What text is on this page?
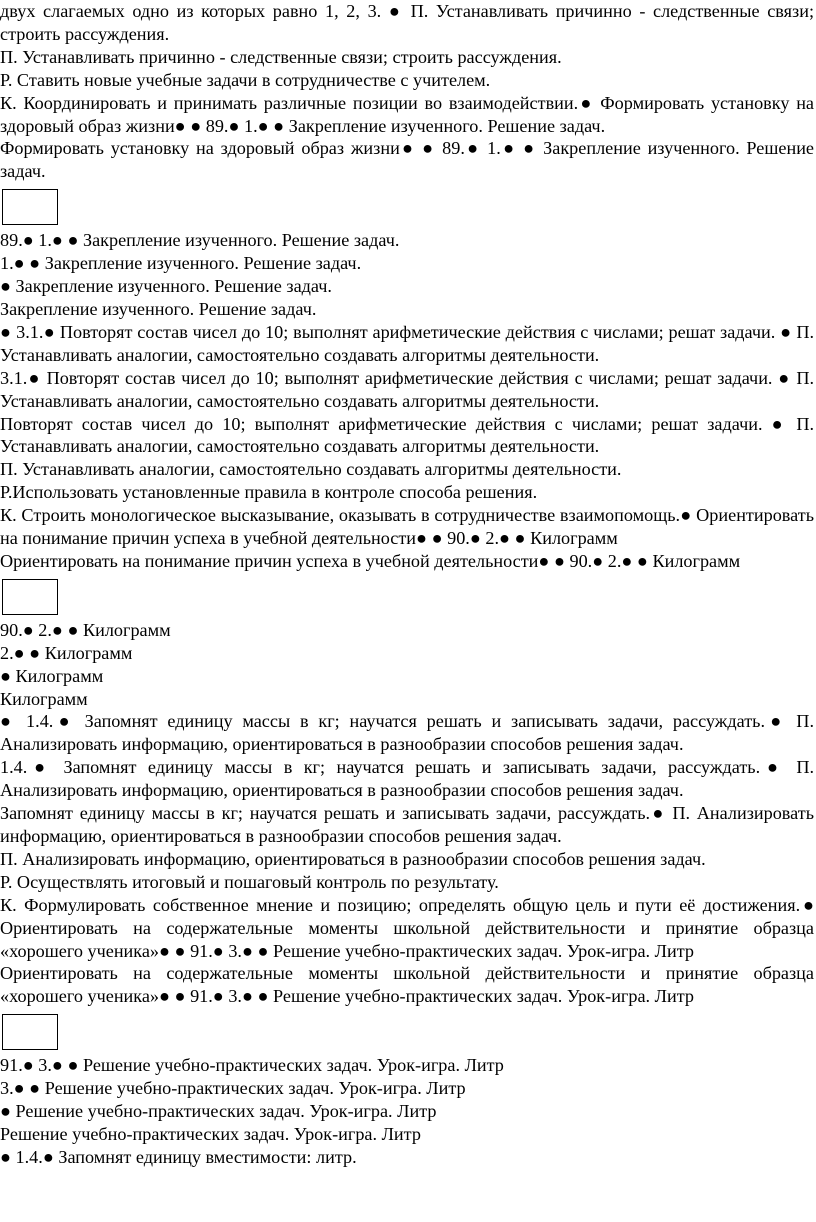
двух слагаемых одно из которых равно 1, 2, 3. ● П. Устанавливать причинно - следственные связи; строить рассуждения.

П. Устанавливать причинно - следственные связи; строить рассуждения.

Р. Ставить новые учебные задачи в сотрудничестве с учителем.

К. Координировать и принимать различные позиции во взаимодействии.● Формировать установку на здоровый образ жизни● ● 89.● 1.● ● Закрепление изученного. Решение задач.

Формировать установку на здоровый образ жизни● ● 89.● 1.● ● Закрепление изученного. Решение задач.

89.● 1.● ● Закрепление изученного. Решение задач.

1.● ● Закрепление изученного. Решение задач.

● Закрепление изученного. Решение задач.

Закрепление изученного. Решение задач.

● 3.1.● Повторят состав чисел до 10; выполнят арифметические действия с числами; решат задачи. ● П. Устанавливать аналогии, самостоятельно создавать алгоритмы деятельности.

3.1.● Повторят состав чисел до 10; выполнят арифметические действия с числами; решат задачи. ● П. Устанавливать аналогии, самостоятельно создавать алгоритмы деятельности.

Повторят состав чисел до 10; выполнят арифметические действия с числами; решат задачи. ● П. Устанавливать аналогии, самостоятельно создавать алгоритмы деятельности.

П. Устанавливать аналогии, самостоятельно создавать алгоритмы деятельности.

Р.Использовать установленные правила в контроле способа решения.

К. Строить монологическое высказывание, оказывать в сотрудничестве взаимопомощь.● Ориентировать на понимание причин успеха в учебной деятельности● ● 90.● 2.● ● Килограмм

Ориентировать на понимание причин успеха в учебной деятельности● ● 90.● 2.● ● Килограмм

90.● 2.● ● Килограмм

2.● ● Килограмм

● Килограмм

Килограмм

● 1.4.● Запомнят единицу массы в кг; научатся решать и записывать задачи, рассуждать.● П. Анализировать информацию, ориентироваться в разнообразии способов решения задач.

1.4.● Запомнят единицу массы в кг; научатся решать и записывать задачи, рассуждать.● П. Анализировать информацию, ориентироваться в разнообразии способов решения задач.

Запомнят единицу массы в кг; научатся решать и записывать задачи, рассуждать.● П. Анализировать информацию, ориентироваться в разнообразии способов решения задач.

П. Анализировать информацию, ориентироваться в разнообразии способов решения задач.

Р. Осуществлять итоговый и пошаговый контроль по результату.

К. Формулировать собственное мнение и позицию; определять общую цель и пути её достижения.● Ориентировать на содержательные моменты школьной действительности и принятие образца «хорошего ученика»● ● 91.● 3.● ● Решение учебно-практических задач. Урок-игра. Литр

Ориентировать на содержательные моменты школьной действительности и принятие образца «хорошего ученика»● ● 91.● 3.● ● Решение учебно-практических задач. Урок-игра. Литр

91.● 3.● ● Решение учебно-практических задач. Урок-игра. Литр

3.● ● Решение учебно-практических задач. Урок-игра. Литр

● Решение учебно-практических задач. Урок-игра. Литр

Решение учебно-практических задач. Урок-игра. Литр

● 1.4.● Запомнят единицу вместимости: литр.
